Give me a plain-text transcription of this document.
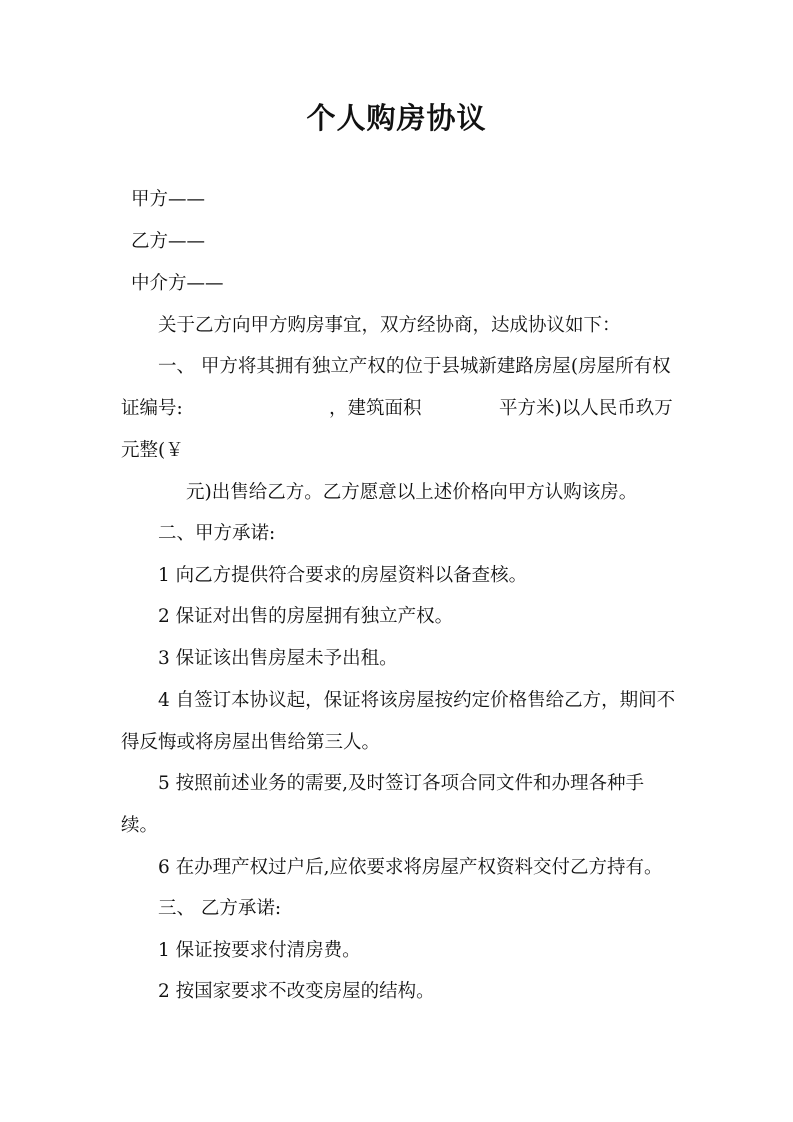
个人购房协议

甲方——

乙方——

中介方——

关于乙方向甲方购房事宜，双方经协商，达成协议如下：

一、 甲方将其拥有独立产权的位于县城新建路房屋(房屋所有权

证编号:	，建筑面积	平方米)以人民币玖万

元整(￥

元)出售给乙方。乙方愿意以上述价格向甲方认购该房。

二、甲方承诺:

1 向乙方提供符合要求的房屋资料以备查核。

2 保证对出售的房屋拥有独立产权。

3 保证该出售房屋未予出租。

4 自签订本协议起，保证将该房屋按约定价格售给乙方，期间不

得反悔或将房屋出售给第三人。

5 按照前述业务的需要,及时签订各项合同文件和办理各种手

续。

6 在办理产权过户后,应依要求将房屋产权资料交付乙方持有。

三、 乙方承诺:

1 保证按要求付清房费。

2 按国家要求不改变房屋的结构。
